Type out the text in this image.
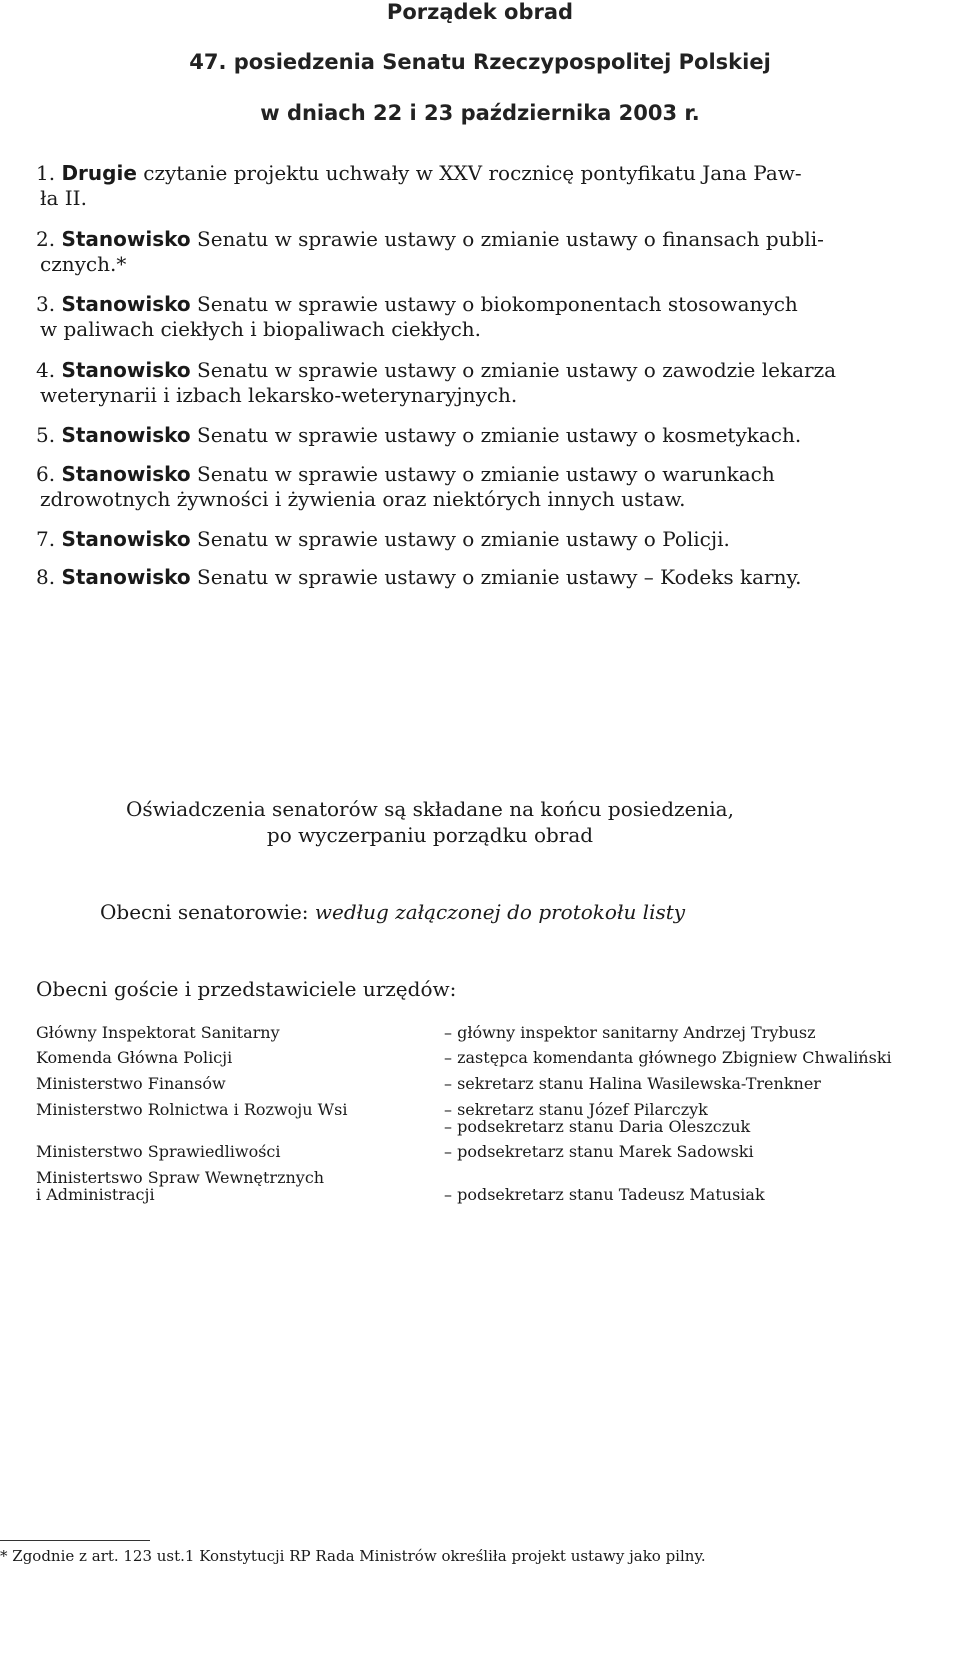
Porządek obrad
47. posiedzenia Senatu Rzeczypospolitej Polskiej
w dniach 22 i 23 października 2003 r.
1. Drugie czytanie projektu uchwały w XXV rocznicę pontyfikatu Jana Paw-
ła II.
2. Stanowisko Senatu w sprawie ustawy o zmianie ustawy o finansach publi-
cznych.*
3. Stanowisko Senatu w sprawie ustawy o biokomponentach stosowanych
w paliwach ciekłych i biopaliwach ciekłych.
4. Stanowisko Senatu w sprawie ustawy o zmianie ustawy o zawodzie lekarza
weterynarii i izbach lekarsko-weterynaryjnych.
5. Stanowisko Senatu w sprawie ustawy o zmianie ustawy o kosmetykach.
6. Stanowisko Senatu w sprawie ustawy o zmianie ustawy o warunkach
zdrowotnych żywności i żywienia oraz niektórych innych ustaw.
7. Stanowisko Senatu w sprawie ustawy o zmianie ustawy o Policji.
8. Stanowisko Senatu w sprawie ustawy o zmianie ustawy – Kodeks karny.
Oświadczenia senatorów są składane na końcu posiedzenia,
po wyczerpaniu porządku obrad
Obecni senatorowie: według załączonej do protokołu listy
Obecni goście i przedstawiciele urzędów:
Główny Inspektorat Sanitarny	– główny inspektor sanitarny Andrzej Trybusz
Komenda Główna Policji	– zastępca komendanta głównego Zbigniew Chwaliński
Ministerstwo Finansów	– sekretarz stanu Halina Wasilewska-Trenkner
Ministerstwo Rolnictwa i Rozwoju Wsi	– sekretarz stanu Józef Pilarczyk
– podsekretarz stanu Daria Oleszczuk
Ministerstwo Sprawiedliwości	– podsekretarz stanu Marek Sadowski
Ministertswo Spraw Wewnętrznych
i Administracji	– podsekretarz stanu Tadeusz Matusiak
* Zgodnie z art. 123 ust.1 Konstytucji RP Rada Ministrów określiła projekt ustawy jako pilny.
